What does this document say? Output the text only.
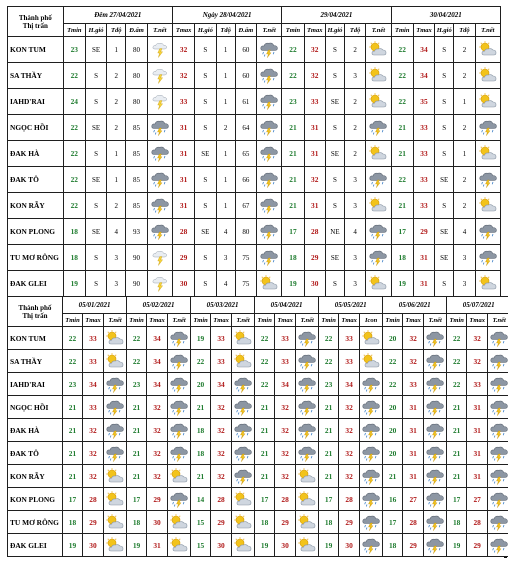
Thành phố
Thị trấn	Đêm 27/04/2021					Ngày 28/04/2021					29/04/2021					30/04/2021				
	Tmin	H.gió	Tđộ	Đ.ẩm	T.nết	Tmax	H.gió	Tđộ	Đ.ẩm	T.nết	Tmin	Tmax	H.gió	Tđộ	T.nết	Tmin	Tmax	H.gió	Tđộ	T.nết
KON TUM	23	SE	1	80		32	S	1	60		22	32	S	2		22	34	S	2	

SA THẦY	22	S	2	80		32	S	1	60		22	32	S	3		22	34	S	2	

IAHD'RAI	24	S	2	80		33	S	1	61		23	33	SE	2		22	35	S	1	

NGỌC HỒI	22	SE	2	85		31	S	2	64		21	31	S	2		21	33	S	2	

ĐAK HÀ	22	S	1	85		31	SE	1	65		21	31	SE	2		21	33	S	1	

ĐAK TÔ	22	SE	1	85		31	S	1	66		21	32	S	3		22	33	SE	2	

KON RẪY	22	S	2	85		31	S	1	67		21	31	S	3		21	33	S	2	

KON PLONG	18	SE	4	93		28	SE	4	80		17	28	NE	4		17	29	SE	4	

TU MƠ RÔNG	18	S	3	90		29	S	3	75		18	29	SE	3		18	31	SE	3	

ĐAK GLEI	19	S	3	90		30	S	4	75		19	30	S	3		19	31	S	3	
Thành phố
Thị trấn	05/01/2021			05/02/2021			05/03/2021			05/04/2021			05/05/2021			05/06/2021			05/07/2021		
	Tmin	Tmax	T.nết	Tmin	Tmax	T.nết	Tmin	Tmax	T.nết	Tmin	Tmax	T.nết	Tmin	Tmax	Icon	Tmin	Tmax	T.nết	Tmin	Tmax	T.nết
KON TUM	22	33		22	34		19	33		22	33		22	33		20	32		22	32	

SA THẦY	22	33		22	34		22	33		22	33		22	33		22	32		22	32	

IAHD'RAI	23	34		23	34		20	34		22	34		23	34		22	33		22	33	

NGỌC HỒI	21	33		21	32		21	32		21	32		21	32		20	31		21	31	

ĐAK HÀ	21	32		21	32		18	32		21	32		21	32		20	31		21	31	

ĐAK TÔ	21	32		21	32		18	32		21	32		21	32		20	31		21	31	

KON RẪY	21	32		21	32		21	32		21	32		21	32		21	31		21	31	

KON PLONG	17	28		17	29		14	28		17	28		17	28		16	27		17	27	

TU MƠ RÔNG	18	29		18	30		15	29		18	29		18	29		17	28		18	28	

ĐAK GLEI	19	30		19	31		15	30		19	30		19	30		18	29		19	29	
